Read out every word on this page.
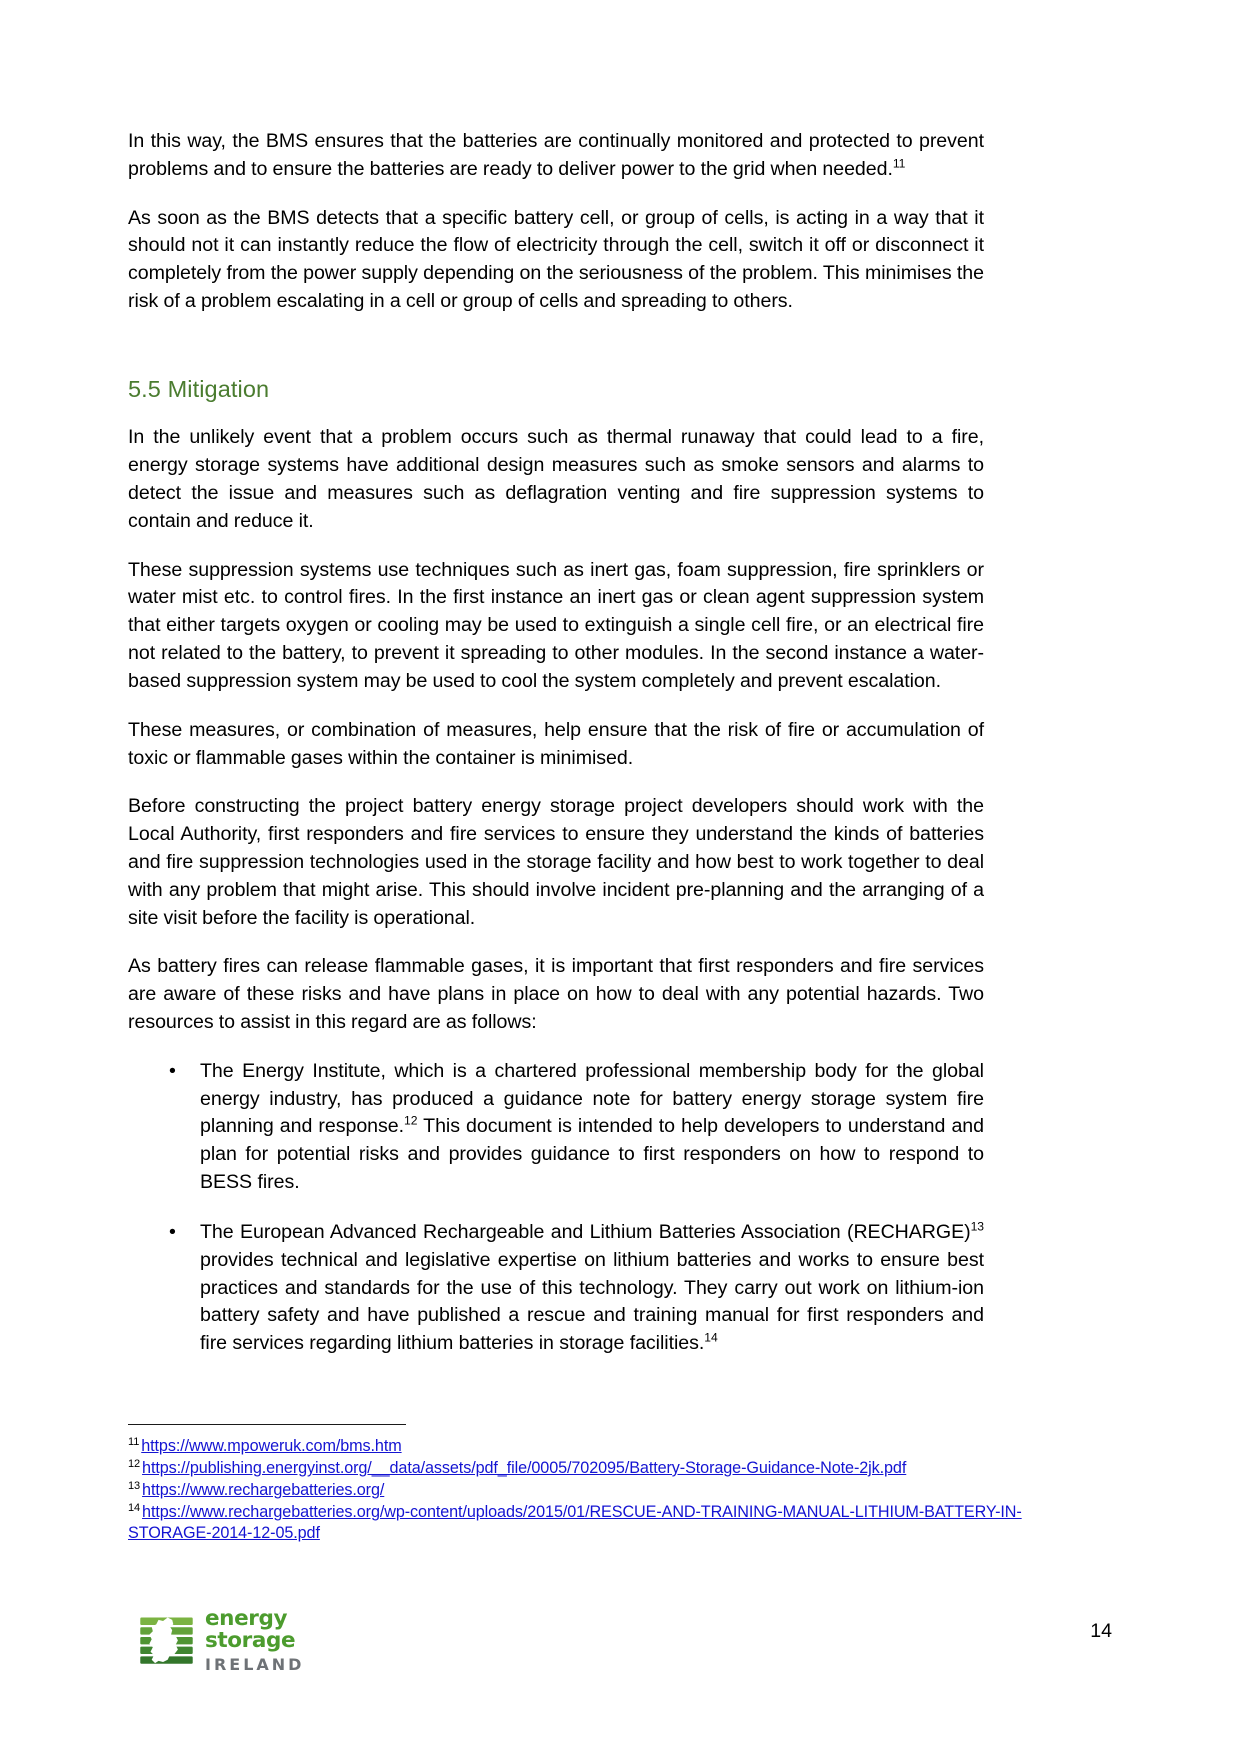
In this way, the BMS ensures that the batteries are continually monitored and protected to prevent problems and to ensure the batteries are ready to deliver power to the grid when needed.$^{11}$

As soon as the BMS detects that a specific battery cell, or group of cells, is acting in a way that it should not it can instantly reduce the flow of electricity through the cell, switch it off or disconnect it completely from the power supply depending on the seriousness of the problem. This minimises the risk of a problem escalating in a cell or group of cells and spreading to others.

5.5 Mitigation

In the unlikely event that a problem occurs such as thermal runaway that could lead to a fire, energy storage systems have additional design measures such as smoke sensors and alarms to detect the issue and measures such as deflagration venting and fire suppression systems to contain and reduce it.

These suppression systems use techniques such as inert gas, foam suppression, fire sprinklers or water mist etc. to control fires. In the first instance an inert gas or clean agent suppression system that either targets oxygen or cooling may be used to extinguish a single cell fire, or an electrical fire not related to the battery, to prevent it spreading to other modules. In the second instance a water-based suppression system may be used to cool the system completely and prevent escalation.

These measures, or combination of measures, help ensure that the risk of fire or accumulation of toxic or flammable gases within the container is minimised.

Before constructing the project battery energy storage project developers should work with the Local Authority, first responders and fire services to ensure they understand the kinds of batteries and fire suppression technologies used in the storage facility and how best to work together to deal with any problem that might arise. This should involve incident pre-planning and the arranging of a site visit before the facility is operational.

As battery fires can release flammable gases, it is important that first responders and fire services are aware of these risks and have plans in place on how to deal with any potential hazards. Two resources to assist in this regard are as follows:

• The Energy Institute, which is a chartered professional membership body for the global energy industry, has produced a guidance note for battery energy storage system fire planning and response.$^{12}$ This document is intended to help developers to understand and plan for potential risks and provides guidance to first responders on how to respond to BESS fires.
• The European Advanced Rechargeable and Lithium Batteries Association (RECHARGE)$^{13}$ provides technical and legislative expertise on lithium batteries and works to ensure best practices and standards for the use of this technology. They carry out work on lithium-ion battery safety and have published a rescue and training manual for first responders and fire services regarding lithium batteries in storage facilities.$^{14}$
$^{11}$ https://www.mpoweruk.com/bms.htm
$^{12}$ https://publishing.energyinst.org/__data/assets/pdf_file/0005/702095/Battery-Storage-Guidance-Note-2jk.pdf
$^{13}$ https://www.rechargebatteries.org/
$^{14}$ https://www.rechargebatteries.org/wp-content/uploads/2015/01/RESCUE-AND-TRAINING-MANUAL-LITHIUM-BATTERY-IN-STORAGE-2014-12-05.pdf
energy
storage
IRELAND
14
